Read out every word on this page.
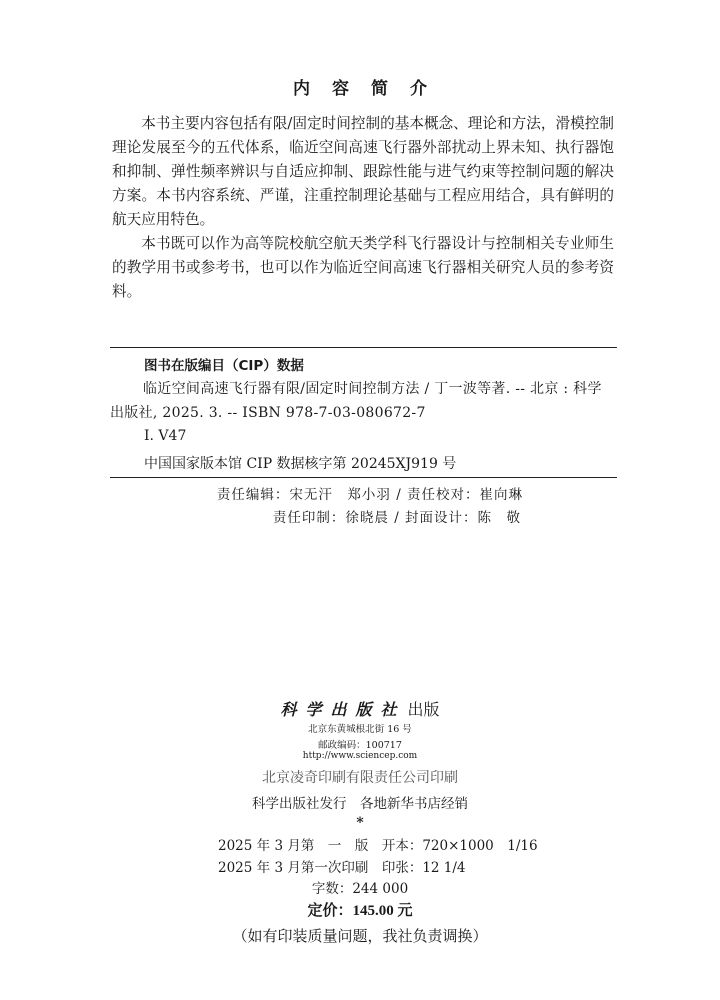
内容简介

本书主要内容包括有限/固定时间控制的基本概念、理论和方法，滑模控制理论发展至今的五代体系，临近空间高速飞行器外部扰动上界未知、执行器饱和抑制、弹性频率辨识与自适应抑制、跟踪性能与进气约束等控制问题的解决方案。本书内容系统、严谨，注重控制理论基础与工程应用结合，具有鲜明的航天应用特色。

本书既可以作为高等院校航空航天类学科飞行器设计与控制相关专业师生的教学用书或参考书，也可以作为临近空间高速飞行器相关研究人员的参考资料。

图书在版编目（CIP）数据

临近空间高速飞行器有限/固定时间控制方法 / 丁一波等著. -- 北京 : 科学出版社, 2025. 3. -- ISBN 978-7-03-080672-7

Ⅰ. V47
中国国家版本馆 CIP 数据核字第 20245XJ919 号
责任编辑：宋无汗　郑小羽 / 责任校对：崔向琳
责任印制：徐晓晨 / 封面设计：陈　敬
科学出版社 出版
北京东黄城根北街 16 号
邮政编码：100717
http://www.sciencep.com
北京凌奇印刷有限责任公司印刷
科学出版社发行　各地新华书店经销
*
2025 年 3 月第　一　版　开本：720×1000　1/16
2025 年 3 月第一次印刷　印张：12 1/4
字数：244 000
定价：145.00 元
（如有印装质量问题，我社负责调换）
